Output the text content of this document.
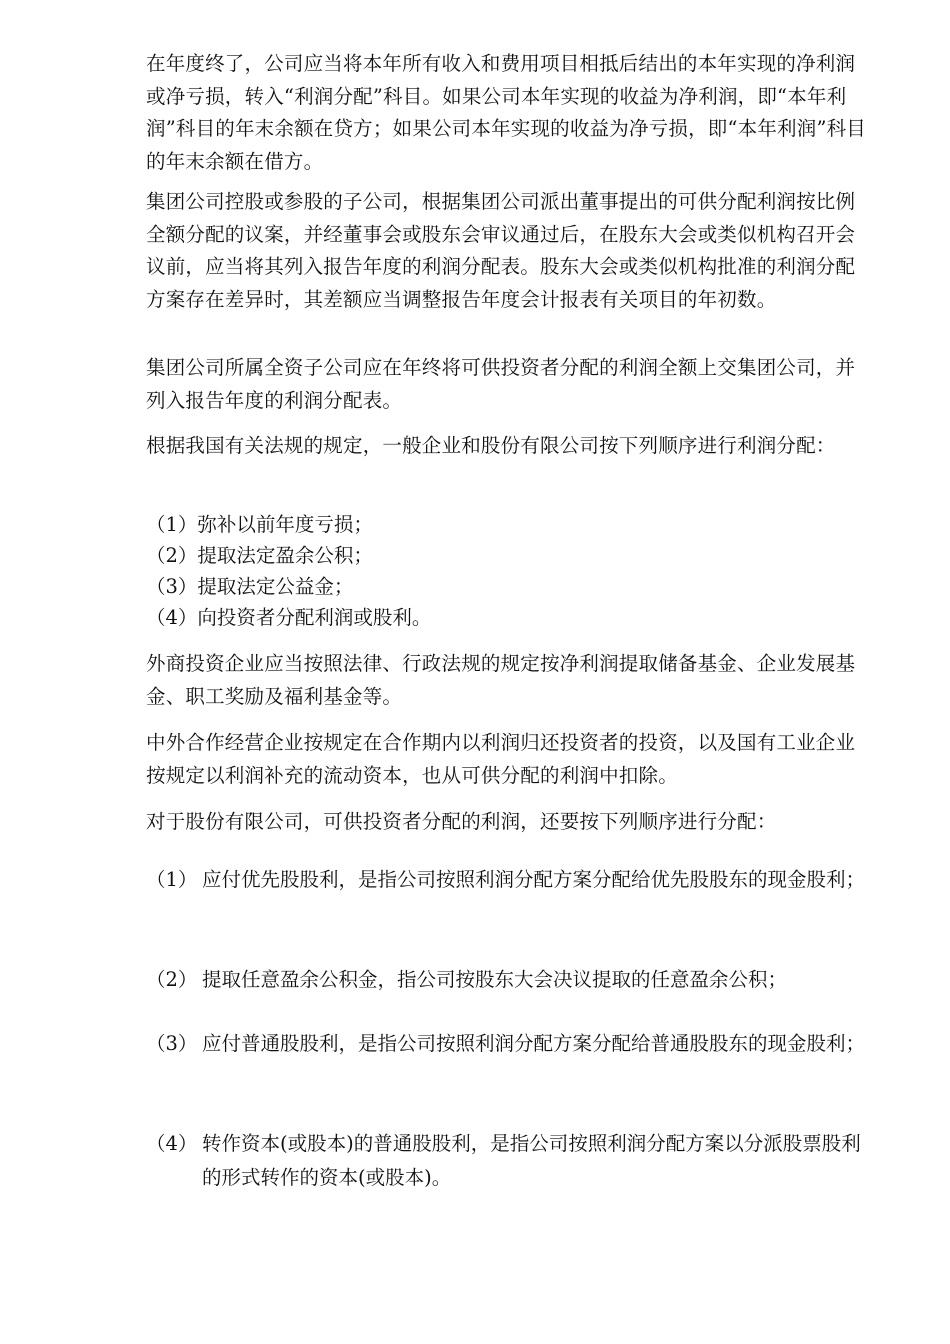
在年度终了，公司应当将本年所有收入和费用项目相抵后结出的本年实现的净利润或净亏损，转入“利润分配”科目。如果公司本年实现的收益为净利润，即“本年利润”科目的年末余额在贷方；如果公司本年实现的收益为净亏损，即“本年利润”科目的年末余额在借方。

集团公司控股或参股的子公司，根据集团公司派出董事提出的可供分配利润按比例全额分配的议案，并经董事会或股东会审议通过后，在股东大会或类似机构召开会议前，应当将其列入报告年度的利润分配表。股东大会或类似机构批准的利润分配方案存在差异时，其差额应当调整报告年度会计报表有关项目的年初数。

集团公司所属全资子公司应在年终将可供投资者分配的利润全额上交集团公司，并列入报告年度的利润分配表。

根据我国有关法规的规定，一般企业和股份有限公司按下列顺序进行利润分配：

（1）弥补以前年度亏损；
（2）提取法定盈余公积；
（3）提取法定公益金；
（4）向投资者分配利润或股利。

外商投资企业应当按照法律、行政法规的规定按净利润提取储备基金、企业发展基金、职工奖励及福利基金等。

中外合作经营企业按规定在合作期内以利润归还投资者的投资，以及国有工业企业按规定以利润补充的流动资本，也从可供分配的利润中扣除。

对于股份有限公司，可供投资者分配的利润，还要按下列顺序进行分配：

（1） 应付优先股股利，是指公司按照利润分配方案分配给优先股股东的现金股利；
（2） 提取任意盈余公积金，指公司按股东大会决议提取的任意盈余公积；
（3） 应付普通股股利，是指公司按照利润分配方案分配给普通股股东的现金股利；
（4） 转作资本(或股本)的普通股股利，是指公司按照利润分配方案以分派股票股利的形式转作的资本(或股本)。
